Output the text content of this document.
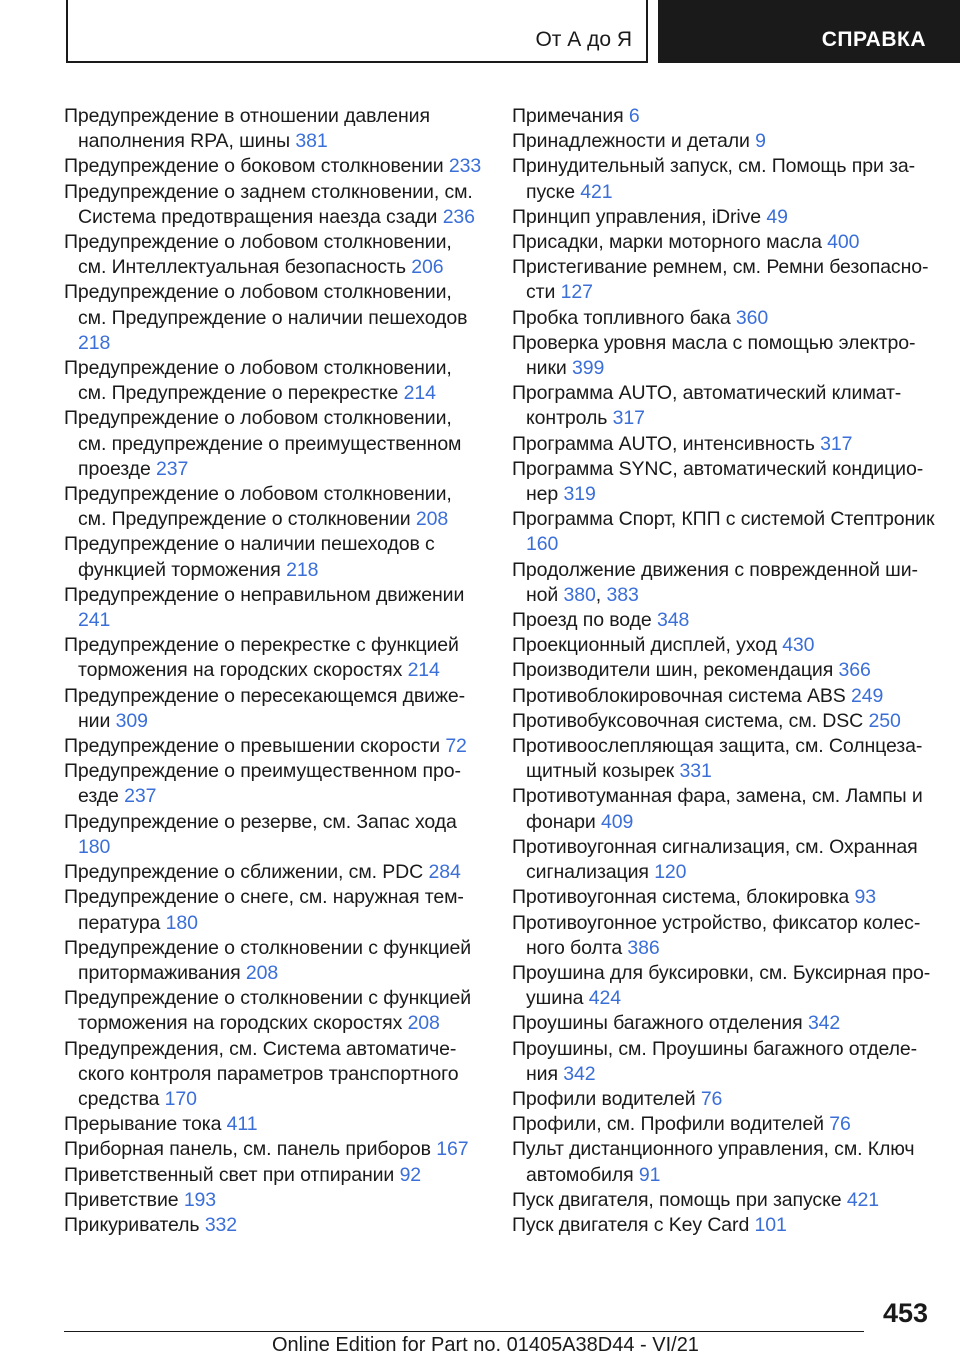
От А до Я	СПРАВКА
Предупреждение в отношении давления наполнения RPA, шины 381
Предупреждение о боковом столкновении 233
Предупреждение о заднем столкновении, см. Система предотвращения наезда сзади 236
Предупреждение о лобовом столкновении, см. Интеллектуальная безопасность 206
Предупреждение о лобовом столкновении, см. Предупреждение о наличии пешеходов 218
Предупреждение о лобовом столкновении, см. Предупреждение о перекрестке 214
Предупреждение о лобовом столкновении, см. предупреждение о преимущественном проезде 237
Предупреждение о лобовом столкновении, см. Предупреждение о столкновении 208
Предупреждение о наличии пешеходов с функцией торможения 218
Предупреждение о неправильном движении 241
Предупреждение о перекрестке с функцией торможения на городских скоростях 214
Предупреждение о пересекающемся движении 309
Предупреждение о превышении скорости 72
Предупреждение о преимущественном проезде 237
Предупреждение о резерве, см. Запас хода 180
Предупреждение о сближении, см. PDC 284
Предупреждение о снеге, см. наружная температура 180
Предупреждение о столкновении с функцией притормаживания 208
Предупреждение о столкновении с функцией торможения на городских скоростях 208
Предупреждения, см. Система автоматического контроля параметров транспортного средства 170
Прерывание тока 411
Приборная панель, см. панель приборов 167
Приветственный свет при отпирании 92
Приветствие 193
Прикуриватель 332
Примечания 6
Принадлежности и детали 9
Принудительный запуск, см. Помощь при запуске 421
Принцип управления, iDrive 49
Присадки, марки моторного масла 400
Пристегивание ремнем, см. Ремни безопасности 127
Пробка топливного бака 360
Проверка уровня масла с помощью электроники 399
Программа AUTO, автоматический климат-контроль 317
Программа AUTO, интенсивность 317
Программа SYNC, автоматический кондиционер 319
Программа Спорт, КПП с системой Стептроник 160
Продолжение движения с поврежденной шиной 380, 383
Проезд по воде 348
Проекционный дисплей, уход 430
Производители шин, рекомендация 366
Противоблокировочная система ABS 249
Противобуксовочная система, см. DSC 250
Противоослепляющая защита, см. Солнцезащитный козырек 331
Противотуманная фара, замена, см. Лампы и фонари 409
Противоугонная сигнализация, см. Охранная сигнализация 120
Противоугонная система, блокировка 93
Противоугонное устройство, фиксатор колесного болта 386
Проушина для буксировки, см. Буксирная проушина 424
Проушины багажного отделения 342
Проушины, см. Проушины багажного отделения 342
Профили водителей 76
Профили, см. Профили водителей 76
Пульт дистанционного управления, см. Ключ автомобиля 91
Пуск двигателя, помощь при запуске 421
Пуск двигателя с Key Card 101
453
Online Edition for Part no. 01405A38D44 - VI/21
